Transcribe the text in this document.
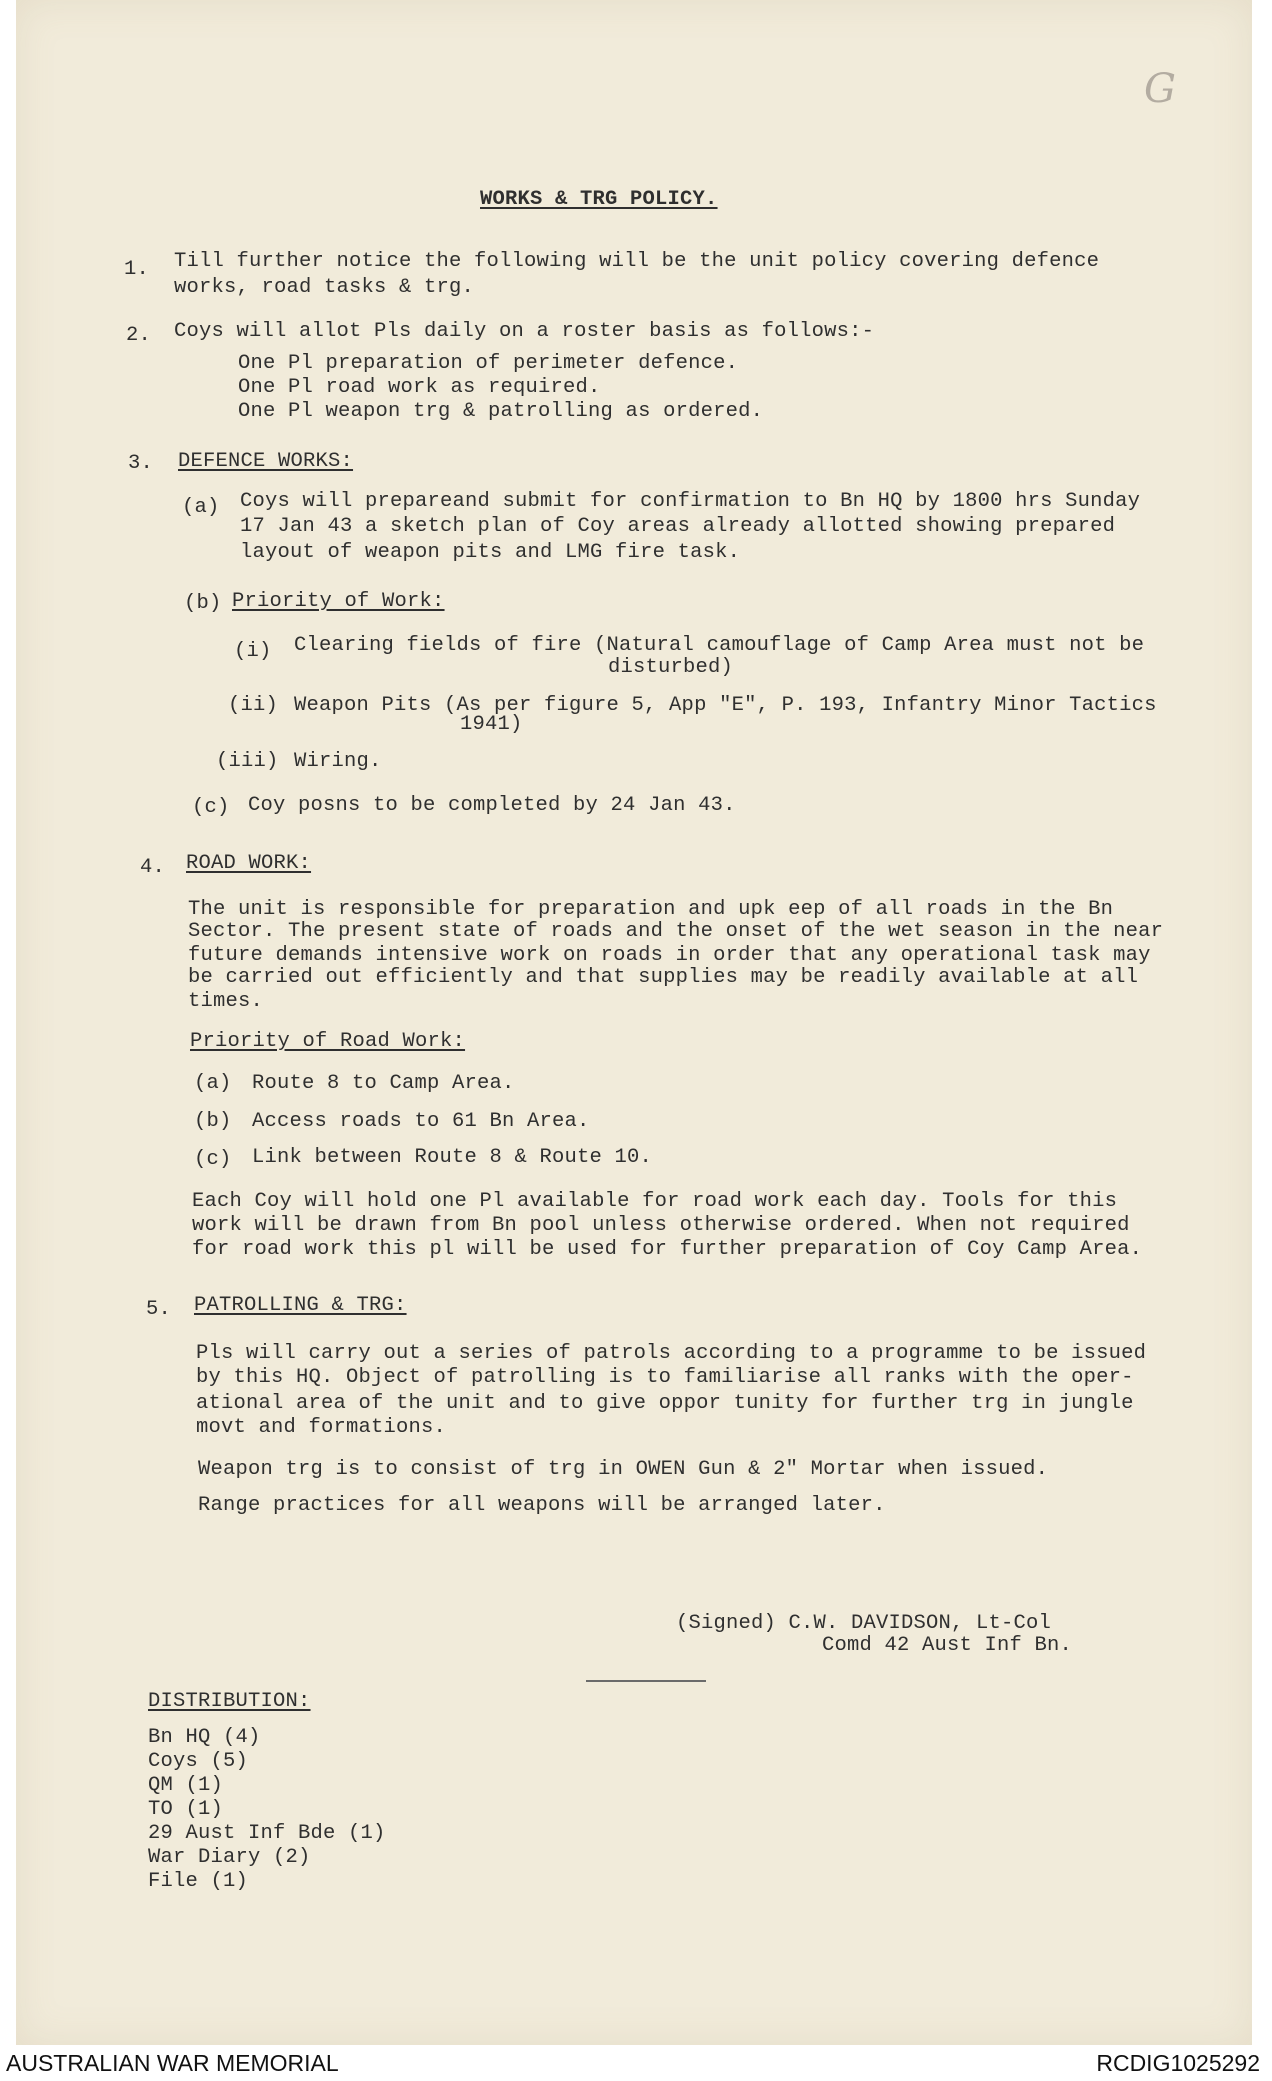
G
WORKS & TRG POLICY.
1. Till further notice the following will be the unit policy covering defence
works, road tasks & trg.
2. Coys will allot Pls daily on a roster basis as follows:-
One Pl preparation of perimeter defence.
One Pl road work as required.
One Pl weapon trg & patrolling as ordered.
3. DEFENCE WORKS:
(a) Coys will prepareand submit for confirmation to Bn HQ by 1800 hrs Sunday
17 Jan 43 a sketch plan of Coy areas already allotted showing prepared
layout of weapon pits and LMG fire task.
(b) Priority of Work:
(i) Clearing fields of fire (Natural camouflage of Camp Area must not be
disturbed)
(ii) Weapon Pits (As per figure 5, App "E", P. 193, Infantry Minor Tactics
1941)
(iii) Wiring.
(c) Coy posns to be completed by 24 Jan 43.
4. ROAD WORK:
The unit is responsible for preparation and upk eep of all roads in the Bn
Sector. The present state of roads and the onset of the wet season in the near
future demands intensive work on roads in order that any operational task may
be carried out efficiently and that supplies may be readily available at all
times.
Priority of Road Work:
(a) Route 8 to Camp Area.
(b) Access roads to 61 Bn Area.
(c) Link between Route 8 & Route 10.
Each Coy will hold one Pl available for road work each day. Tools for this
work will be drawn from Bn pool unless otherwise ordered. When not required
for road work this pl will be used for further preparation of Coy Camp Area.
5. PATROLLING & TRG:
Pls will carry out a series of patrols according to a programme to be issued
by this HQ. Object of patrolling is to familiarise all ranks with the oper-
ational area of the unit and to give oppor tunity for further trg in jungle
movt and formations.
Weapon trg is to consist of trg in OWEN Gun & 2" Mortar when issued.
Range practices for all weapons will be arranged later.
(Signed) C.W. DAVIDSON, Lt-Col
Comd 42 Aust Inf Bn.
DISTRIBUTION:
Bn HQ (4)
Coys (5)
QM (1)
TO (1)
29 Aust Inf Bde (1)
War Diary (2)
File (1)
AUSTRALIAN WAR MEMORIAL	RCDIG1025292
